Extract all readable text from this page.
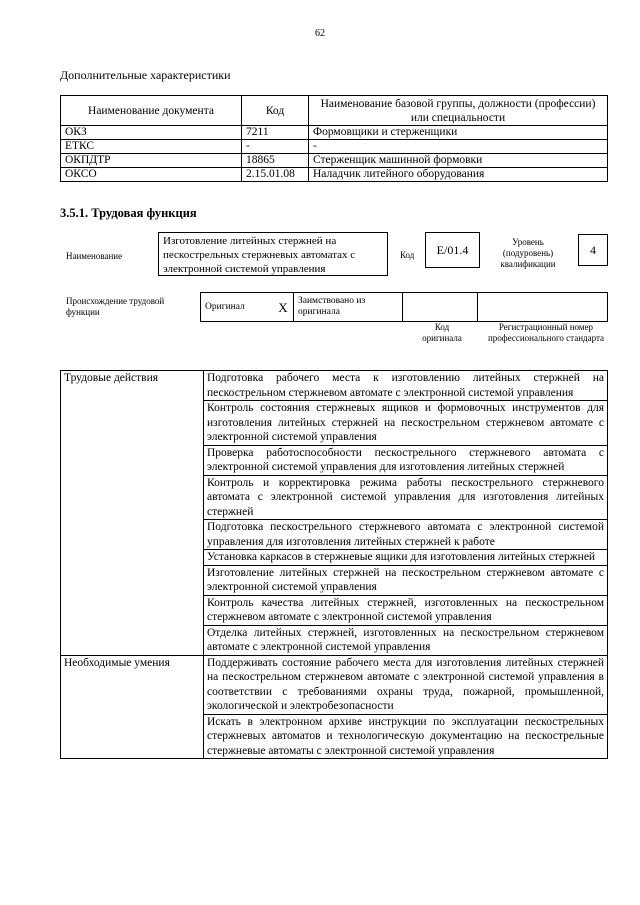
62
Дополнительные характеристики
Наименование документа	Код	Наименование базовой группы, должности (профессии) или специальности
ОКЗ	7211	Формовщики и стерженщики
ЕТКС	-	-
ОКПДТР	18865	Стерженщик машинной формовки
ОКСО	2.15.01.08	Наладчик литейного оборудования
3.5.1. Трудовая функция
Наименование
Изготовление литейных стержней на пескострельных стержневых автоматах с электронной системой управления
Код	E/01.4
Уровень (подуровень) квалификации
4
Происхождение трудовой функции
Оригинал	X	Заимствовано из оригинала		
Код оригинала
Регистрационный номер профессионального стандарта
Трудовые действия	Подготовка рабочего места к изготовлению литейных стержней на пескострельном стержневом автомате с электронной системой управления
	Контроль состояния стержневых ящиков и формовочных инструментов для изготовления литейных стержней на пескострельном стержневом автомате с электронной системой управления
	Проверка работоспособности пескострельного стержневого автомата с электронной системой управления для изготовления литейных стержней
	Контроль и корректировка режима работы пескострельного стержневого автомата с электронной системой управления для изготовления литейных стержней
	Подготовка пескострельного стержневого автомата с электронной системой управления для изготовления литейных стержней к работе
	Установка каркасов в стержневые ящики для изготовления литейных стержней
	Изготовление литейных стержней на пескострельном стержневом автомате с электронной системой управления
	Контроль качества литейных стержней, изготовленных на пескострельном стержневом автомате с электронной системой управления
	Отделка литейных стержней, изготовленных на пескострельном стержневом автомате с электронной системой управления
Необходимые умения	Поддерживать состояние рабочего места для изготовления литейных стержней на пескострельном стержневом автомате с электронной системой управления в соответствии с требованиями охраны труда, пожарной, промышленной, экологической и электробезопасности
	Искать в электронном архиве инструкции по эксплуатации пескострельных стержневых автоматов и технологическую документацию на пескострельные стержневые автоматы с электронной системой управления
